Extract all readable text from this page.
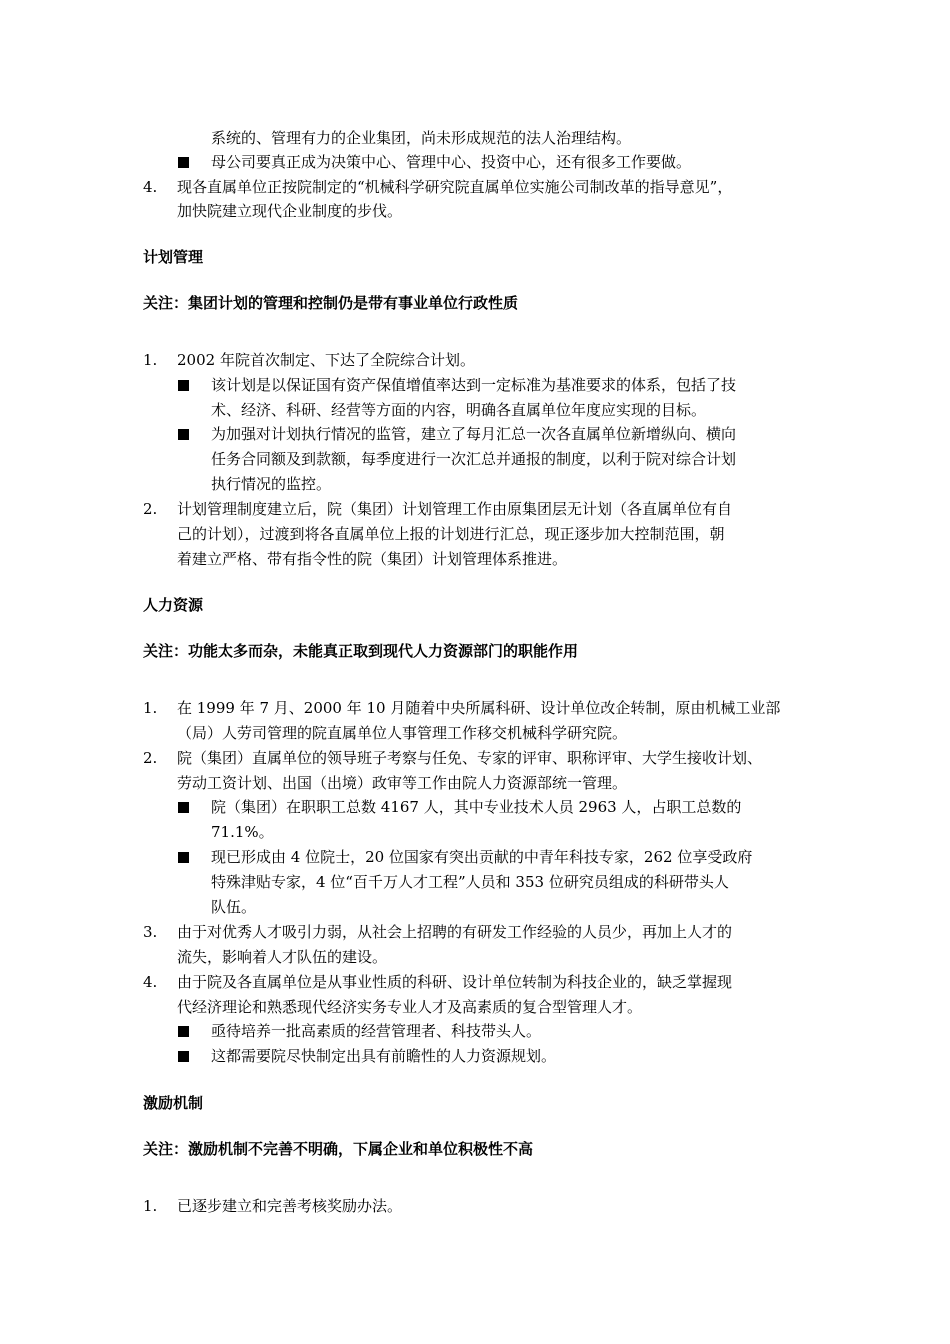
系统的、管理有力的企业集团，尚未形成规范的法人治理结构。
母公司要真正成为决策中心、管理中心、投资中心，还有很多工作要做。
4. 现各直属单位正按院制定的“机械科学研究院直属单位实施公司制改革的指导意见”，
加快院建立现代企业制度的步伐。
计划管理
关注：集团计划的管理和控制仍是带有事业单位行政性质
1. 2002 年院首次制定、下达了全院综合计划。
该计划是以保证国有资产保值增值率达到一定标准为基准要求的体系，包括了技
术、经济、科研、经营等方面的内容，明确各直属单位年度应实现的目标。
为加强对计划执行情况的监管，建立了每月汇总一次各直属单位新增纵向、横向
任务合同额及到款额，每季度进行一次汇总并通报的制度，以利于院对综合计划
执行情况的监控。
2. 计划管理制度建立后，院（集团）计划管理工作由原集团层无计划（各直属单位有自
己的计划），过渡到将各直属单位上报的计划进行汇总，现正逐步加大控制范围，朝
着建立严格、带有指令性的院（集团）计划管理体系推进。
人力资源
关注：功能太多而杂，未能真正取到现代人力资源部门的职能作用
1. 在 1999 年 7 月、2000 年 10 月随着中央所属科研、设计单位改企转制，原由机械工业部
（局）人劳司管理的院直属单位人事管理工作移交机械科学研究院。
2. 院（集团）直属单位的领导班子考察与任免、专家的评审、职称评审、大学生接收计划、
劳动工资计划、出国（出境）政审等工作由院人力资源部统一管理。
院（集团）在职职工总数 4167 人，其中专业技术人员 2963 人，占职工总数的
71.1%。
现已形成由 4 位院士，20 位国家有突出贡献的中青年科技专家，262 位享受政府
特殊津贴专家，4 位“百千万人才工程”人员和 353 位研究员组成的科研带头人
队伍。
3. 由于对优秀人才吸引力弱，从社会上招聘的有研发工作经验的人员少，再加上人才的
流失，影响着人才队伍的建设。
4. 由于院及各直属单位是从事业性质的科研、设计单位转制为科技企业的，缺乏掌握现
代经济理论和熟悉现代经济实务专业人才及高素质的复合型管理人才。
亟待培养一批高素质的经营管理者、科技带头人。
这都需要院尽快制定出具有前瞻性的人力资源规划。
激励机制
关注：激励机制不完善不明确，下属企业和单位积极性不高
1. 已逐步建立和完善考核奖励办法。
